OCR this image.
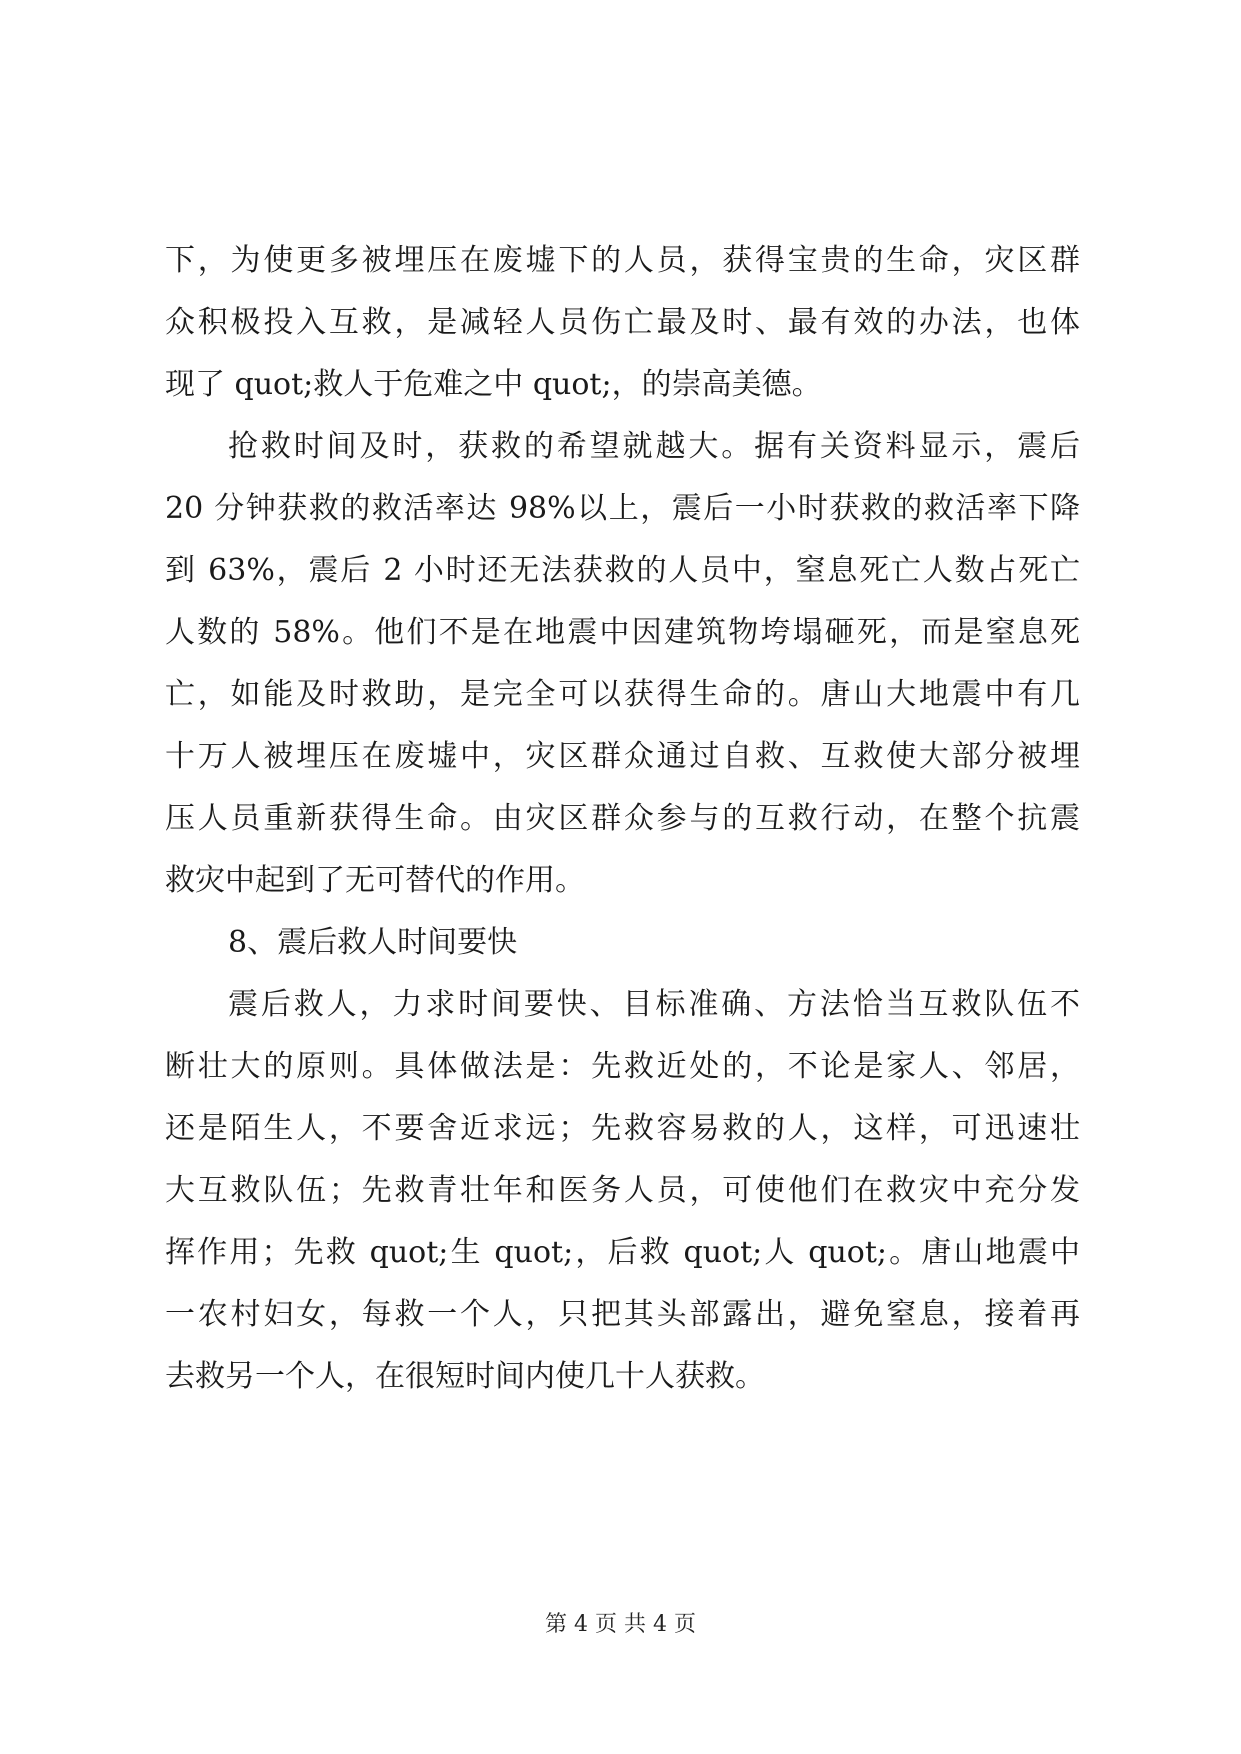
下，为使更多被埋压在废墟下的人员，获得宝贵的生命，灾区群
众积极投入互救，是减轻人员伤亡最及时、最有效的办法，也体
现了 quot;救人于危难之中 quot;，的崇高美德。
抢救时间及时，获救的希望就越大。据有关资料显示，震后
20 分钟获救的救活率达 98%以上，震后一小时获救的救活率下降
到 63%，震后 2 小时还无法获救的人员中，窒息死亡人数占死亡
人数的 58%。他们不是在地震中因建筑物垮塌砸死，而是窒息死
亡，如能及时救助，是完全可以获得生命的。唐山大地震中有几
十万人被埋压在废墟中，灾区群众通过自救、互救使大部分被埋
压人员重新获得生命。由灾区群众参与的互救行动，在整个抗震
救灾中起到了无可替代的作用。
8、震后救人时间要快
震后救人，力求时间要快、目标准确、方法恰当互救队伍不
断壮大的原则。具体做法是：先救近处的，不论是家人、邻居，
还是陌生人，不要舍近求远；先救容易救的人，这样，可迅速壮
大互救队伍；先救青壮年和医务人员，可使他们在救灾中充分发
挥作用；先救 quot;生 quot;，后救 quot;人 quot;。唐山地震中
一农村妇女，每救一个人，只把其头部露出，避免窒息，接着再
去救另一个人，在很短时间内使几十人获救。
第 4 页 共 4 页
